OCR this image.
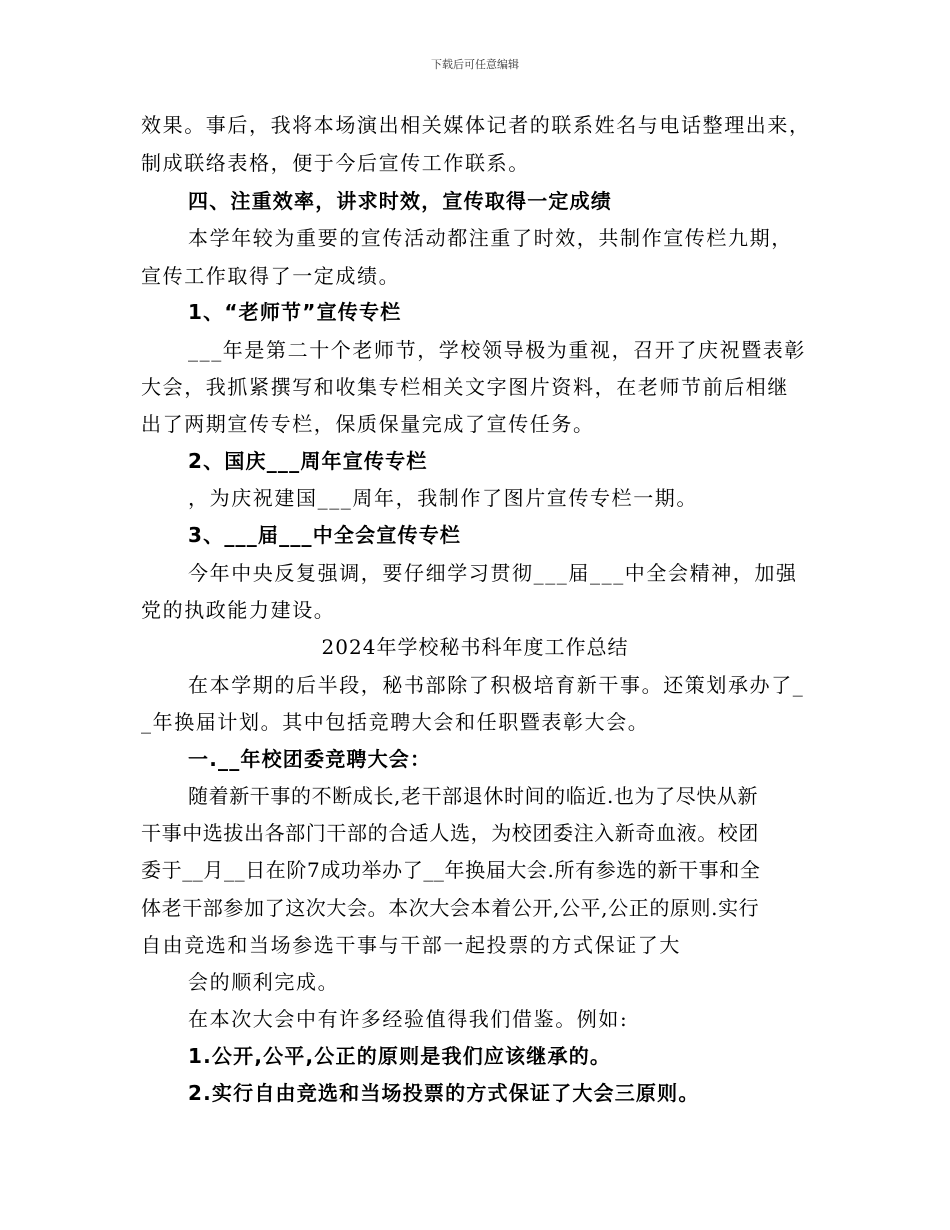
下载后可任意编辑
效果。事后，我将本场演出相关媒体记者的联系姓名与电话整理出来，
制成联络表格，便于今后宣传工作联系。
四、注重效率，讲求时效，宣传取得一定成绩
本学年较为重要的宣传活动都注重了时效，共制作宣传栏九期，
宣传工作取得了一定成绩。
1、“老师节”宣传专栏
___年是第二十个老师节，学校领导极为重视，召开了庆祝暨表彰
大会，我抓紧撰写和收集专栏相关文字图片资料，在老师节前后相继
出了两期宣传专栏，保质保量完成了宣传任务。
2、国庆___周年宣传专栏
，为庆祝建国___周年，我制作了图片宣传专栏一期。
3、___届___中全会宣传专栏
今年中央反复强调，要仔细学习贯彻___届___中全会精神，加强
党的执政能力建设。
2024年学校秘书科年度工作总结
在本学期的后半段，秘书部除了积极培育新干事。还策划承办了_
_年换届计划。其中包括竞聘大会和任职暨表彰大会。
一.__年校团委竞聘大会：
随着新干事的不断成长,老干部退休时间的临近.也为了尽快从新
干事中选拔出各部门干部的合适人选，为校团委注入新奇血液。校团
委于__月__日在阶7成功举办了__年换届大会.所有参选的新干事和全
体老干部参加了这次大会。本次大会本着公开,公平,公正的原则.实行
自由竞选和当场参选干事与干部一起投票的方式保证了大
会的顺利完成。
在本次大会中有许多经验值得我们借鉴。例如:
1.公开,公平,公正的原则是我们应该继承的。
2.实行自由竞选和当场投票的方式保证了大会三原则。
